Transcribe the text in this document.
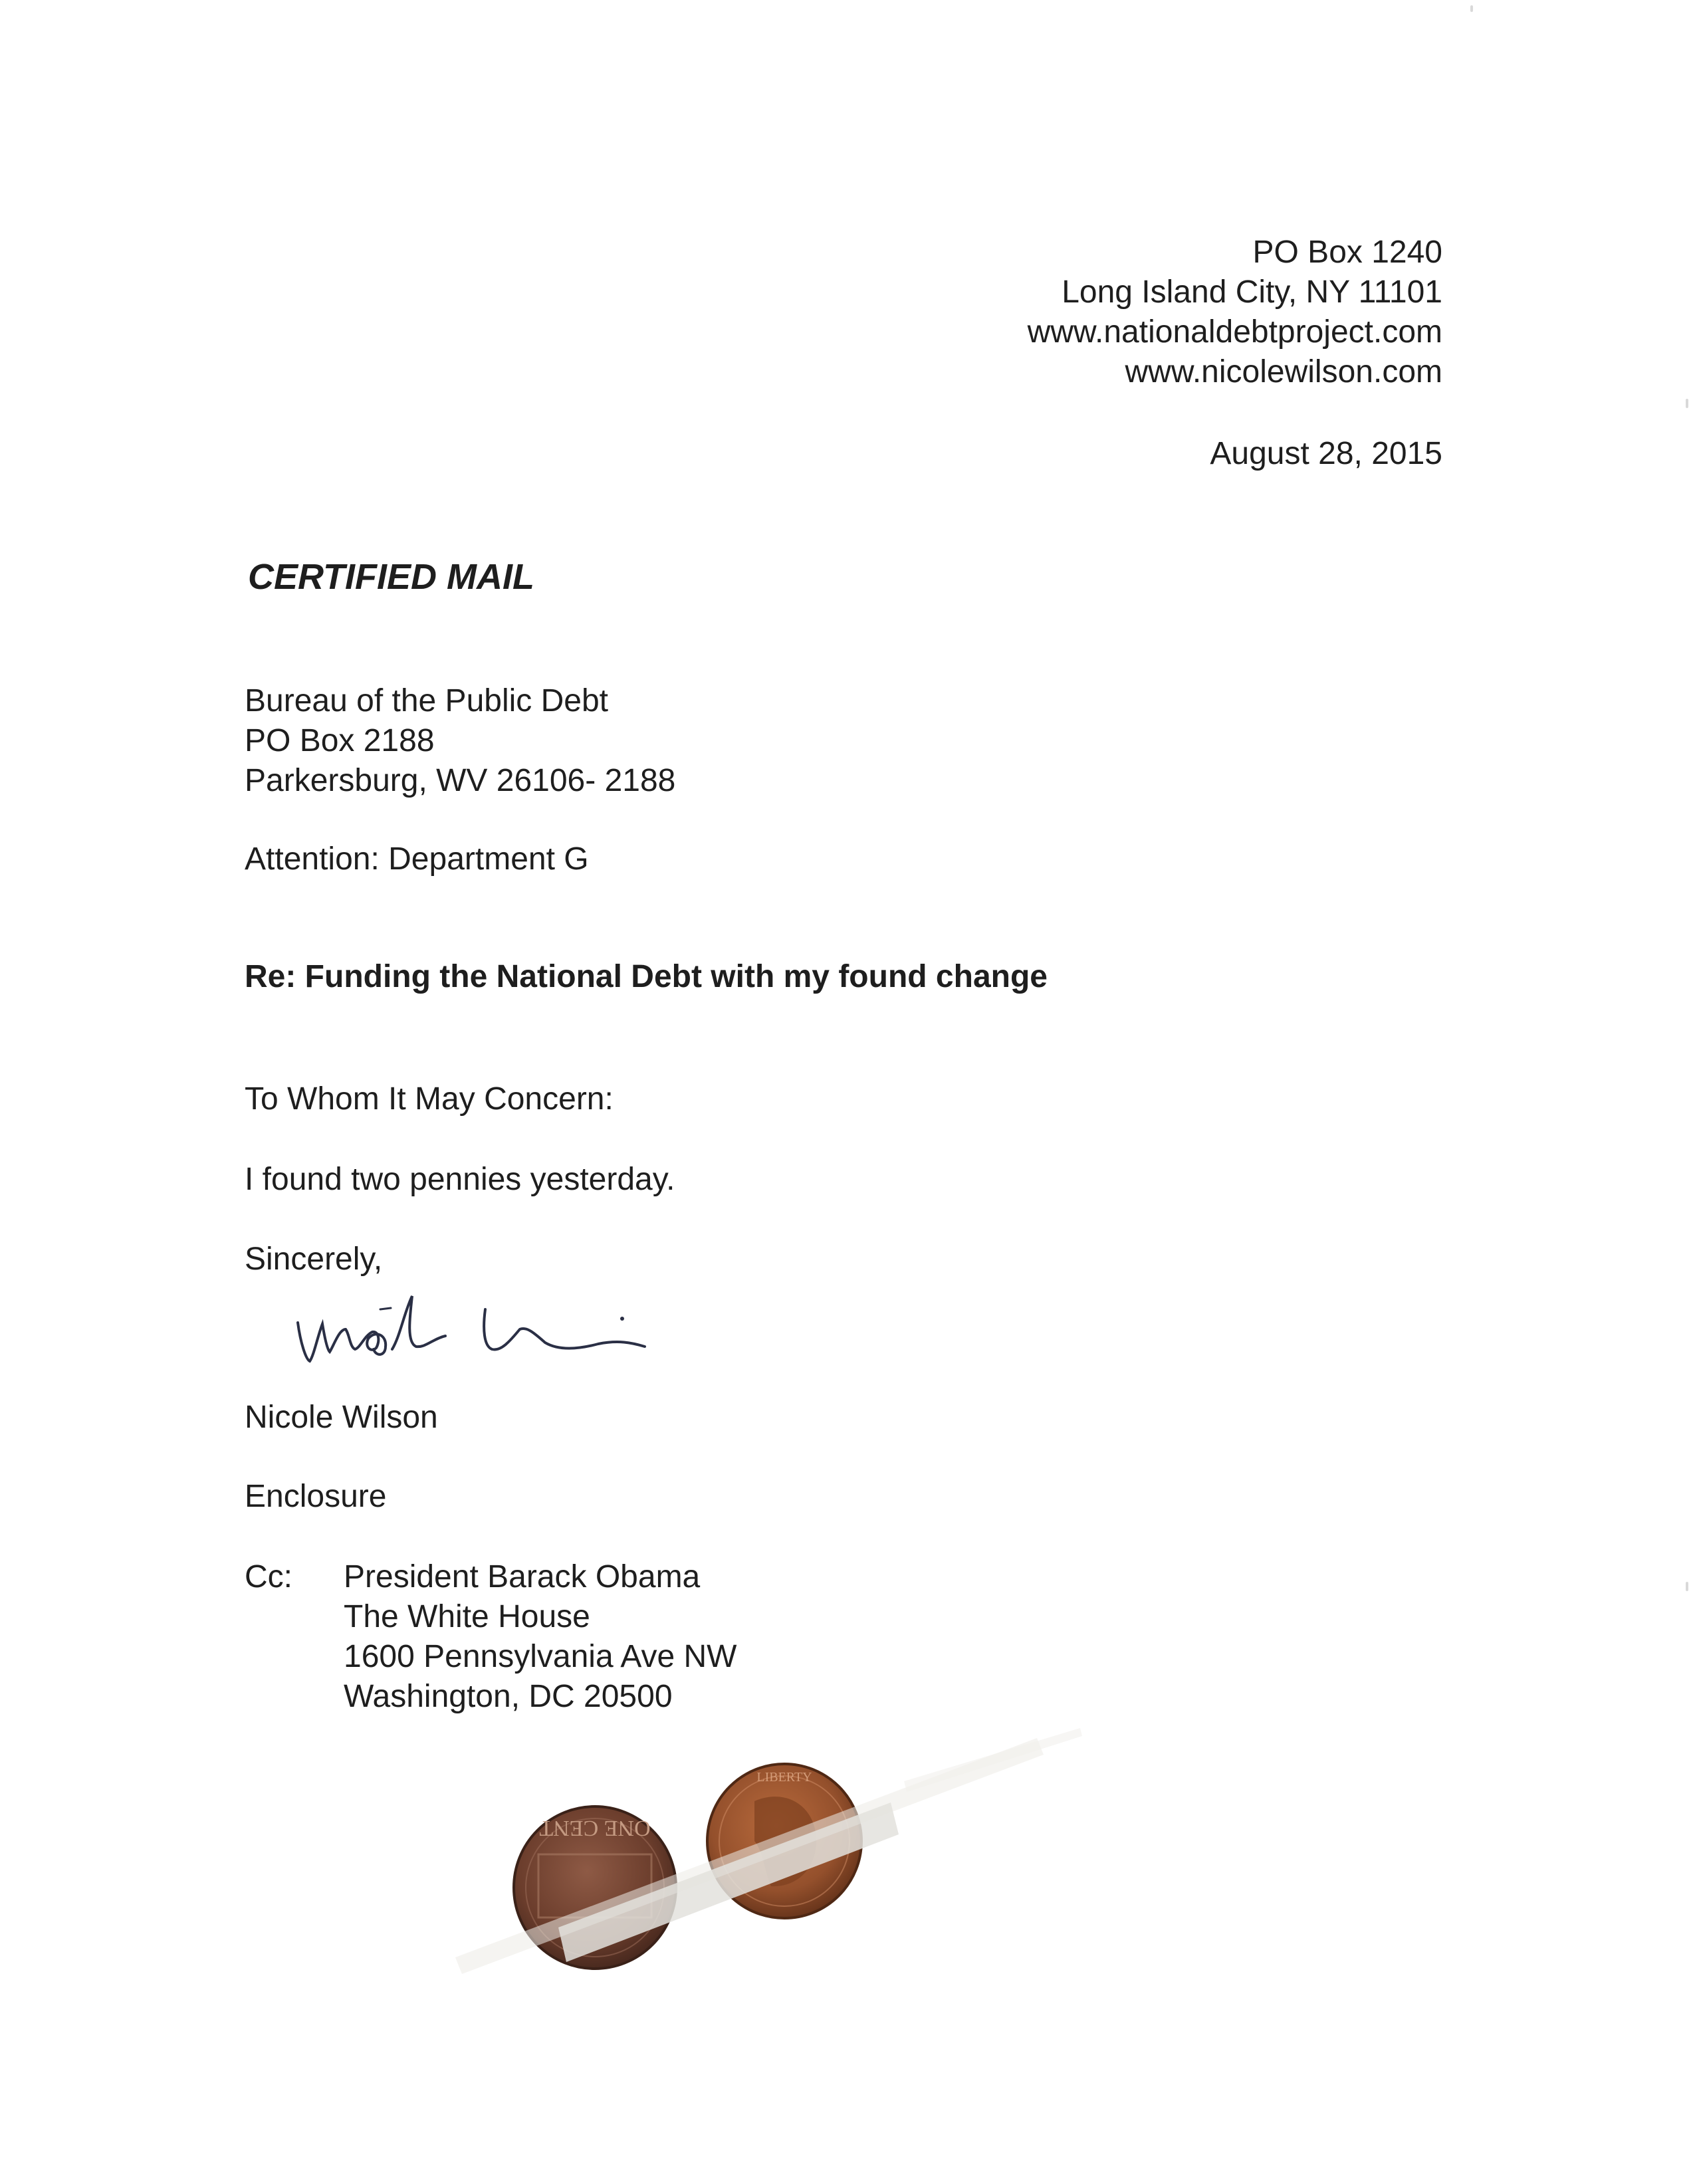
PO Box 1240
Long Island City, NY 11101
www.nationaldebtproject.com
www.nicolewilson.com
August 28, 2015
CERTIFIED MAIL
Bureau of the Public Debt
PO Box 2188
Parkersburg, WV 26106- 2188
Attention: Department G
Re: Funding the National Debt with my found change
To Whom It May Concern:
I found two pennies yesterday.
Sincerely,
Nicole Wilson
Enclosure
Cc: President Barack Obama
The White House
1600 Pennsylvania Ave NW
Washington, DC 20500
ONE CENT
LIBERTY
